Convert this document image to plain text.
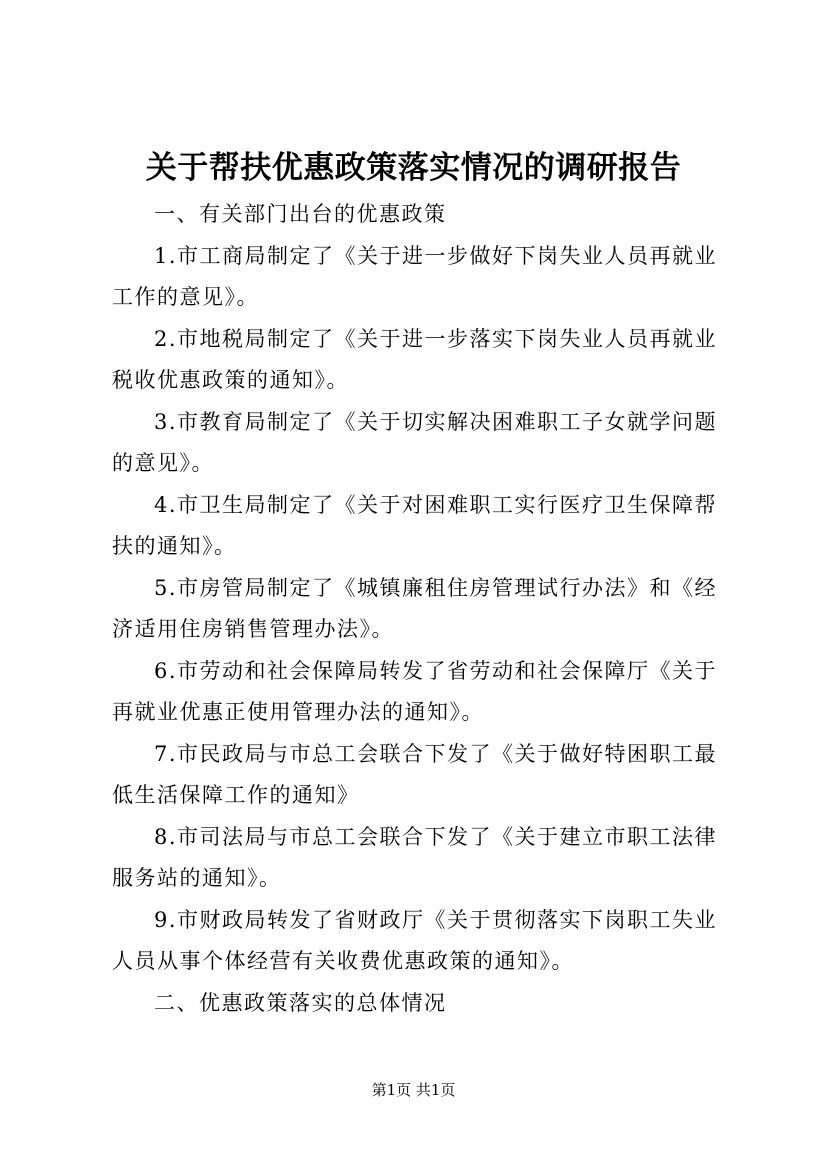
关于帮扶优惠政策落实情况的调研报告

一、有关部门出台的优惠政策

1.市工商局制定了《关于进一步做好下岗失业人员再就业工作的意见》。

2.市地税局制定了《关于进一步落实下岗失业人员再就业税收优惠政策的通知》。

3.市教育局制定了《关于切实解决困难职工子女就学问题的意见》。

4.市卫生局制定了《关于对困难职工实行医疗卫生保障帮扶的通知》。

5.市房管局制定了《城镇廉租住房管理试行办法》和《经济适用住房销售管理办法》。

6.市劳动和社会保障局转发了省劳动和社会保障厅《关于再就业优惠正使用管理办法的通知》。

7.市民政局与市总工会联合下发了《关于做好特困职工最低生活保障工作的通知》

8.市司法局与市总工会联合下发了《关于建立市职工法律服务站的通知》。

9.市财政局转发了省财政厅《关于贯彻落实下岗职工失业人员从事个体经营有关收费优惠政策的通知》。

二、优惠政策落实的总体情况

第1页 共1页
